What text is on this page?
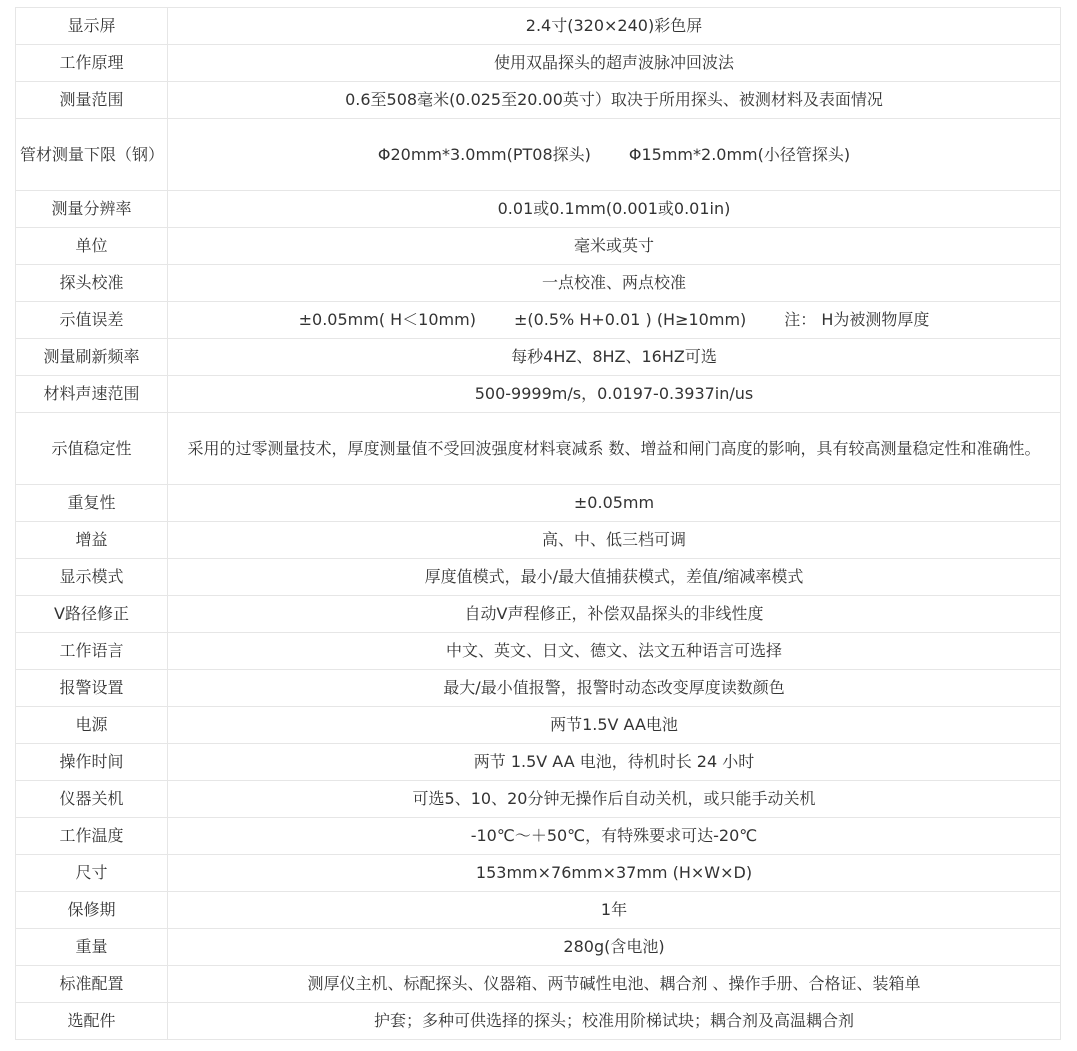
显示屏	2.4寸(320×240)彩色屏
工作原理	使用双晶探头的超声波脉冲回波法
测量范围	0.6至508毫米(0.025至20.00英寸）取决于所用探头、被测材料及表面情况
管材测量下限（钢）	Φ20mm*3.0mm(PT08探头) Φ15mm*2.0mm(小径管探头)
测量分辨率	0.01或0.1mm(0.001或0.01in)
单位	毫米或英寸
探头校准	一点校准、两点校准
示值误差	±0.05mm( H＜10mm) ±(0.5% H+0.01 ) (H≥10mm) 注： H为被测物厚度
测量刷新频率	每秒4HZ、8HZ、16HZ可选
材料声速范围	500-9999m/s，0.0197-0.3937in/us
示值稳定性	采用的过零测量技术，厚度测量值不受回波强度材料衰减系 数、增益和闸门高度的影响，具有较高测量稳定性和准确性。
重复性	±0.05mm
增益	高、中、低三档可调
显示模式	厚度值模式，最小/最大值捕获模式，差值/缩减率模式
V路径修正	自动V声程修正，补偿双晶探头的非线性度
工作语言	中文、英文、日文、德文、法文五种语言可选择
报警设置	最大/最小值报警，报警时动态改变厚度读数颜色
电源	两节1.5V AA电池
操作时间	两节 1.5V AA 电池，待机时长 24 小时
仪器关机	可选5、10、20分钟无操作后自动关机，或只能手动关机
工作温度	-10℃～＋50℃，有特殊要求可达-20℃
尺寸	153mm×76mm×37mm (H×W×D)
保修期	1年
重量	280g(含电池)
标准配置	测厚仪主机、标配探头、仪器箱、两节碱性电池、耦合剂 、操作手册、合格证、装箱单
选配件	护套；多种可供选择的探头；校准用阶梯试块；耦合剂及高温耦合剂
